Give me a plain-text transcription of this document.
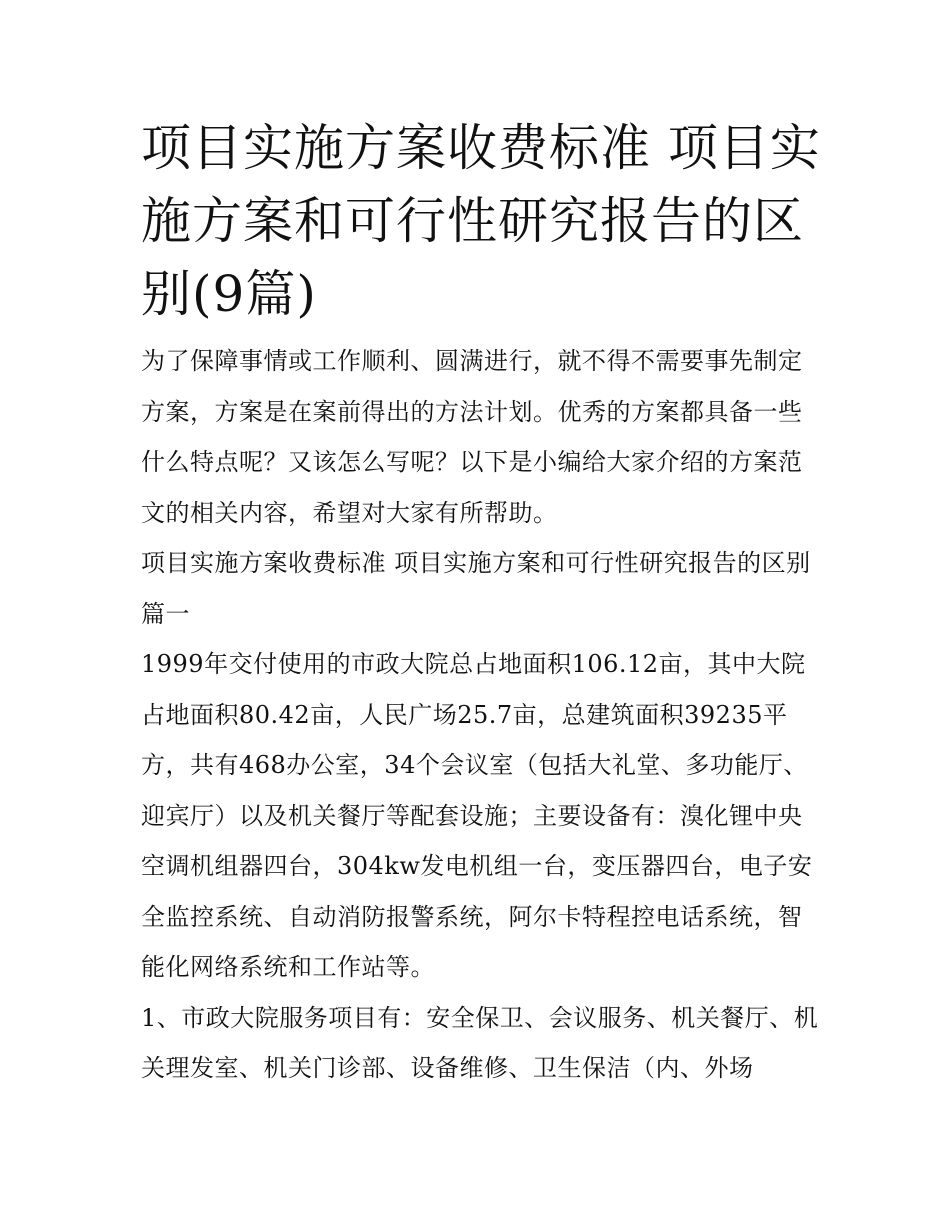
项目实施方案收费标准 项目实施方案和可行性研究报告的区别(9篇)

为了保障事情或工作顺利、圆满进行，就不得不需要事先制定方案，方案是在案前得出的方法计划。优秀的方案都具备一些什么特点呢？又该怎么写呢？以下是小编给大家介绍的方案范文的相关内容，希望对大家有所帮助。

项目实施方案收费标准 项目实施方案和可行性研究报告的区别篇一

1999年交付使用的市政大院总占地面积106.12亩，其中大院占地面积80.42亩，人民广场25.7亩，总建筑面积39235平方，共有468办公室，34个会议室（包括大礼堂、多功能厅、迎宾厅）以及机关餐厅等配套设施；主要设备有：溴化锂中央空调机组器四台，304kw发电机组一台，变压器四台，电子安全监控系统、自动消防报警系统，阿尔卡特程控电话系统，智能化网络系统和工作站等。

1、市政大院服务项目有：安全保卫、会议服务、机关餐厅、机关理发室、机关门诊部、设备维修、卫生保洁（内、外场
